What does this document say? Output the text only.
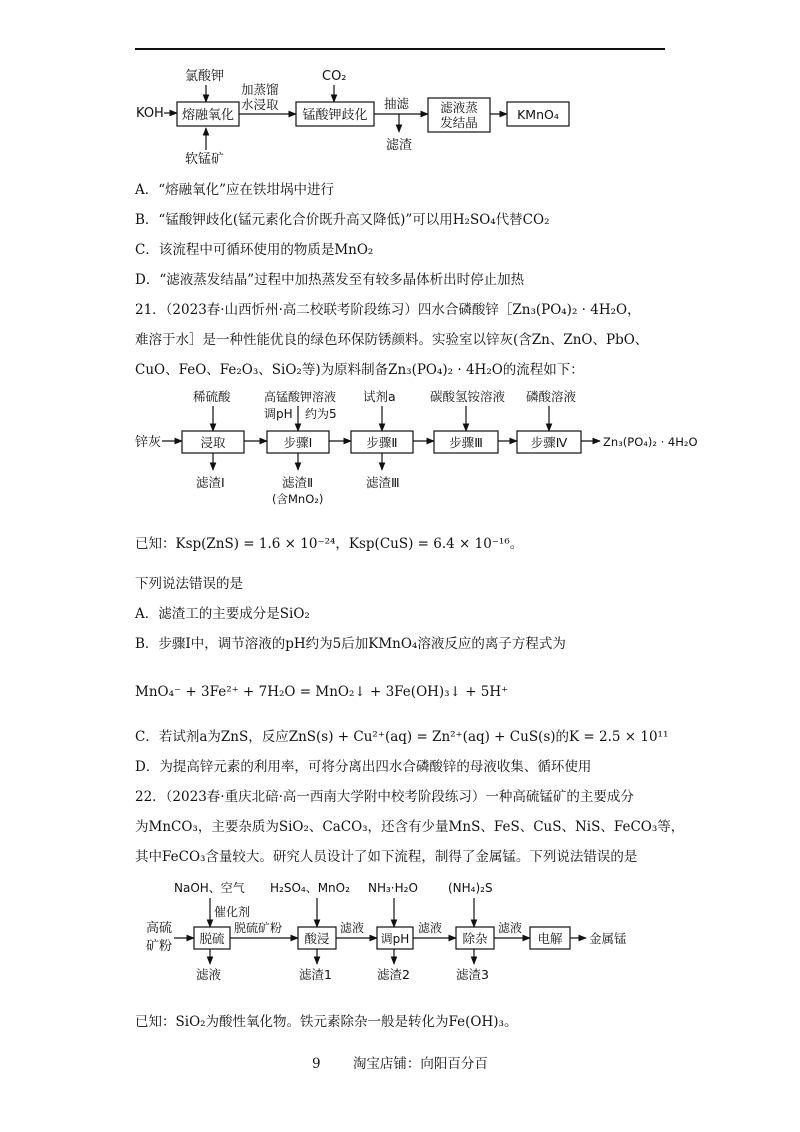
KOH
氯酸钾
熔融氧化
软锰矿
加蒸馏
水浸取
CO₂
锰酸钾歧化
抽滤
滤渣
滤液蒸
发结晶
KMnO₄
A．“熔融氧化”应在铁坩埚中进行
B．“锰酸钾歧化(锰元素化合价既升高又降低)”可以用H₂SO₄代替CO₂
C．该流程中可循环使用的物质是MnO₂
D．“滤液蒸发结晶”过程中加热蒸发至有较多晶体析出时停止加热
21．（2023春·山西忻州·高二校联考阶段练习）四水合磷酸锌［Zn₃(PO₄)₂ · 4H₂O，
难溶于水］是一种性能优良的绿色环保防锈颜料。实验室以锌灰(含Zn、ZnO、PbO、
CuO、FeO、Fe₂O₃、SiO₂等)为原料制备Zn₃(PO₄)₂ · 4H₂O的流程如下：
锌灰
稀硫酸
浸取
滤渣Ⅰ
高锰酸钾溶液
调pH 约为5
步骤Ⅰ
滤渣Ⅱ
(含MnO₂)
试剂a
步骤Ⅱ
滤渣Ⅲ
碳酸氢铵溶液
步骤Ⅲ
磷酸溶液
步骤Ⅳ	Zn₃(PO₄)₂ · 4H₂O
已知：Ksp(ZnS) = 1.6 × 10⁻²⁴，Ksp(CuS) = 6.4 × 10⁻¹⁶。
下列说法错误的是
A．滤渣工的主要成分是SiO₂
B．步骤Ⅰ中，调节溶液的pH约为5后加KMnO₄溶液反应的离子方程式为
MnO₄⁻ + 3Fe²⁺ + 7H₂O = MnO₂↓ + 3Fe(OH)₃↓ + 5H⁺
C．若试剂a为ZnS，反应ZnS(s) + Cu²⁺(aq) = Zn²⁺(aq) + CuS(s)的K = 2.5 × 10¹¹
D．为提高锌元素的利用率，可将分离出四水合磷酸锌的母液收集、循环使用
22．（2023春·重庆北碚·高一西南大学附中校考阶段练习）一种高硫锰矿的主要成分
为MnCO₃，主要杂质为SiO₂、CaCO₃，还含有少量MnS、FeS、CuS、NiS、FeCO₃等，
其中FeCO₃含量较大。研究人员设计了如下流程，制得了金属锰。下列说法错误的是
高硫
矿粉
NaOH、空气
催化剂
脱硫
滤液
脱硫矿粉
H₂SO₄、MnO₂
酸浸
滤渣1
滤液
NH₃·H₂O
调pH
滤渣2
滤液
(NH₄)₂S
除杂
滤渣3
滤液
电解 金属锰
已知：SiO₂为酸性氧化物。铁元素除杂一般是转化为Fe(OH)₃。
9 淘宝店铺：向阳百分百
